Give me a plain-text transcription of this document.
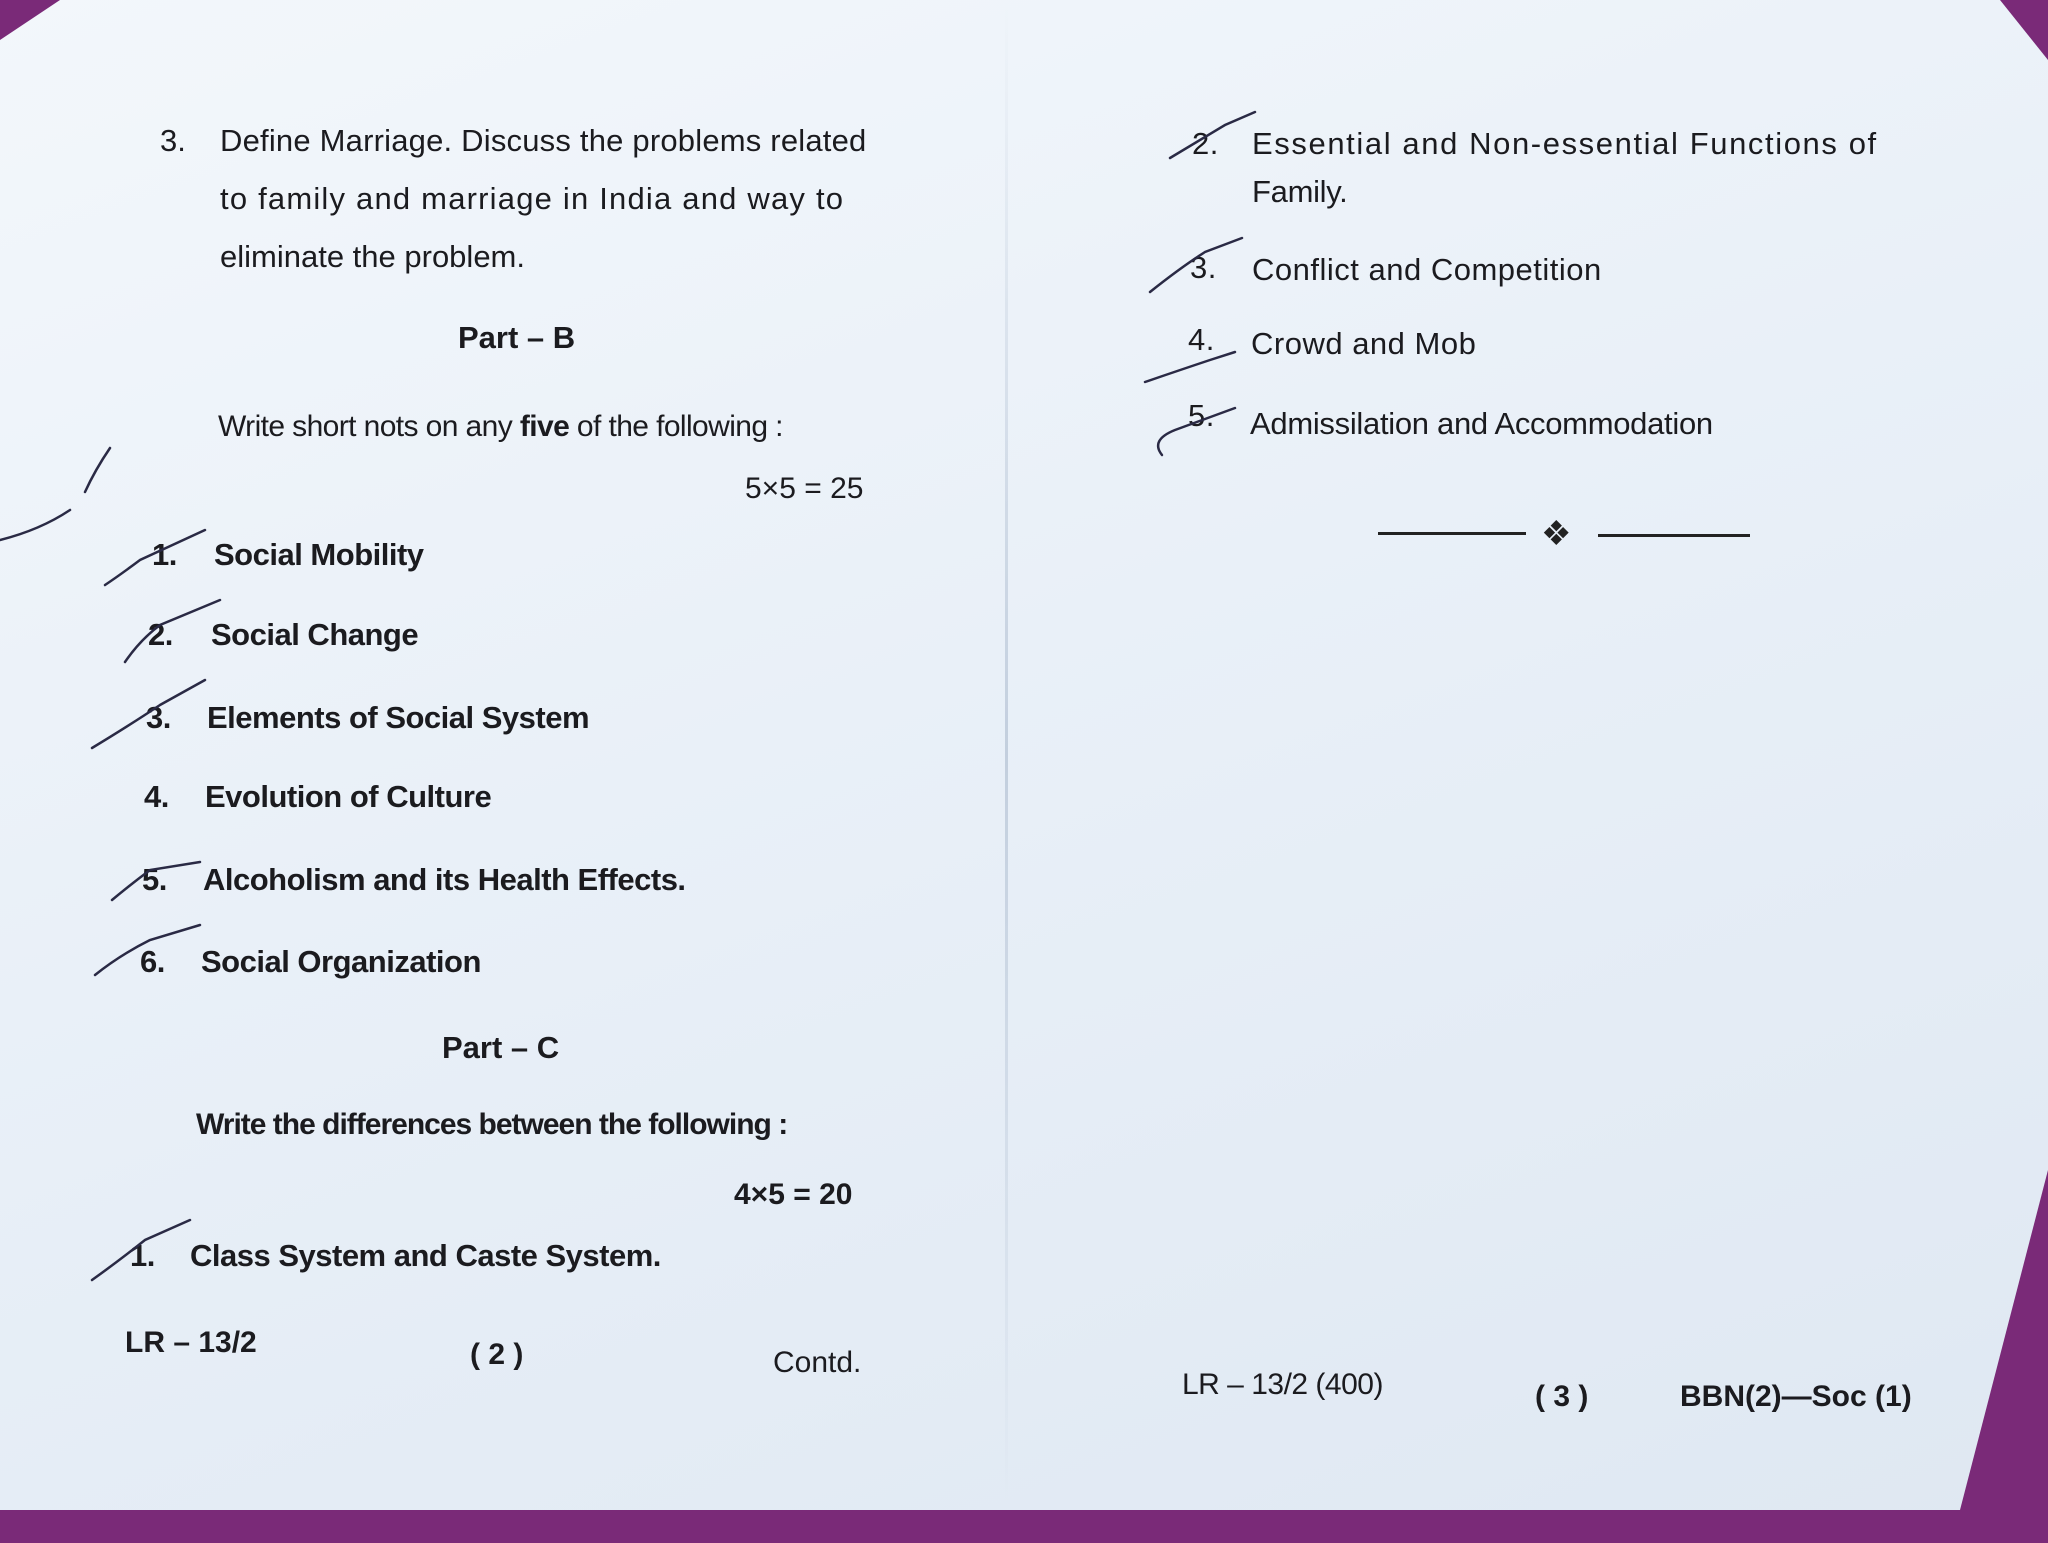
3. Define Marriage. Discuss the problems related
to family and marriage in India and way to
eliminate the problem.
Part – B
Write short nots on any five of the following :
5×5 = 25
1. Social Mobility
2. Social Change
3. Elements of Social System
4. Evolution of Culture
5. Alcoholism and its Health Effects.
6. Social Organization
Part – C
Write the differences between the following :
4×5 = 20
1. Class System and Caste System.
LR – 13/2	( 2 )	Contd.
2. Essential and Non-essential Functions of
Family.
3. Conflict and Competition
4. Crowd and Mob
5. Admissilation and Accommodation
❖
LR – 13/2 (400)	( 3 )	BBN(2)—Soc (1)
